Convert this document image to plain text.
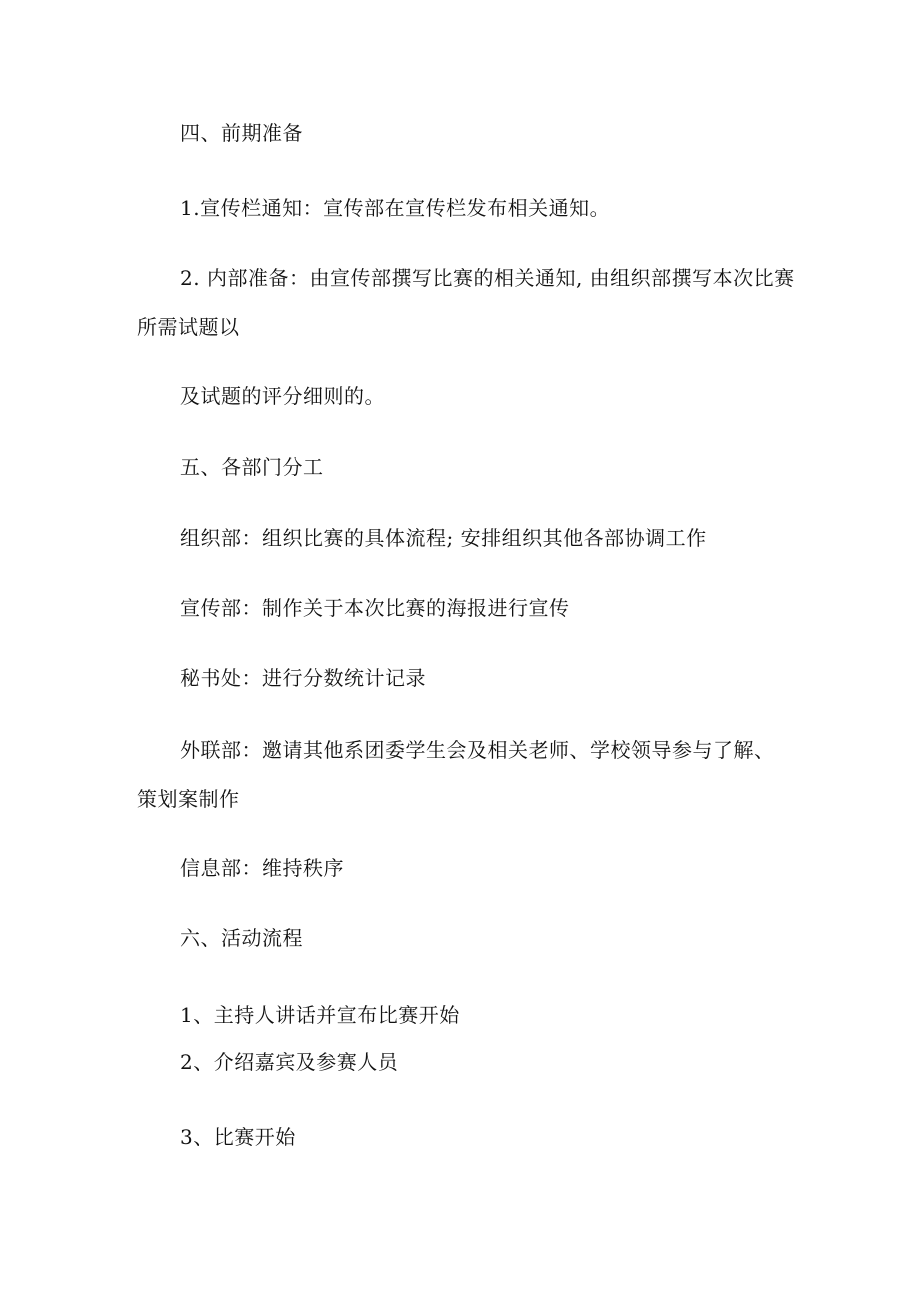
四、前期准备
1.宣传栏通知：宣传部在宣传栏发布相关通知。
2. 内部准备：由宣传部撰写比赛的相关通知, 由组织部撰写本次比赛
所需试题以
及试题的评分细则的。
五、各部门分工
组织部：组织比赛的具体流程; 安排组织其他各部协调工作
宣传部：制作关于本次比赛的海报进行宣传
秘书处：进行分数统计记录
外联部：邀请其他系团委学生会及相关老师、学校领导参与了解、
策划案制作
信息部：维持秩序
六、活动流程
1、主持人讲话并宣布比赛开始
2、介绍嘉宾及参赛人员
3、比赛开始
